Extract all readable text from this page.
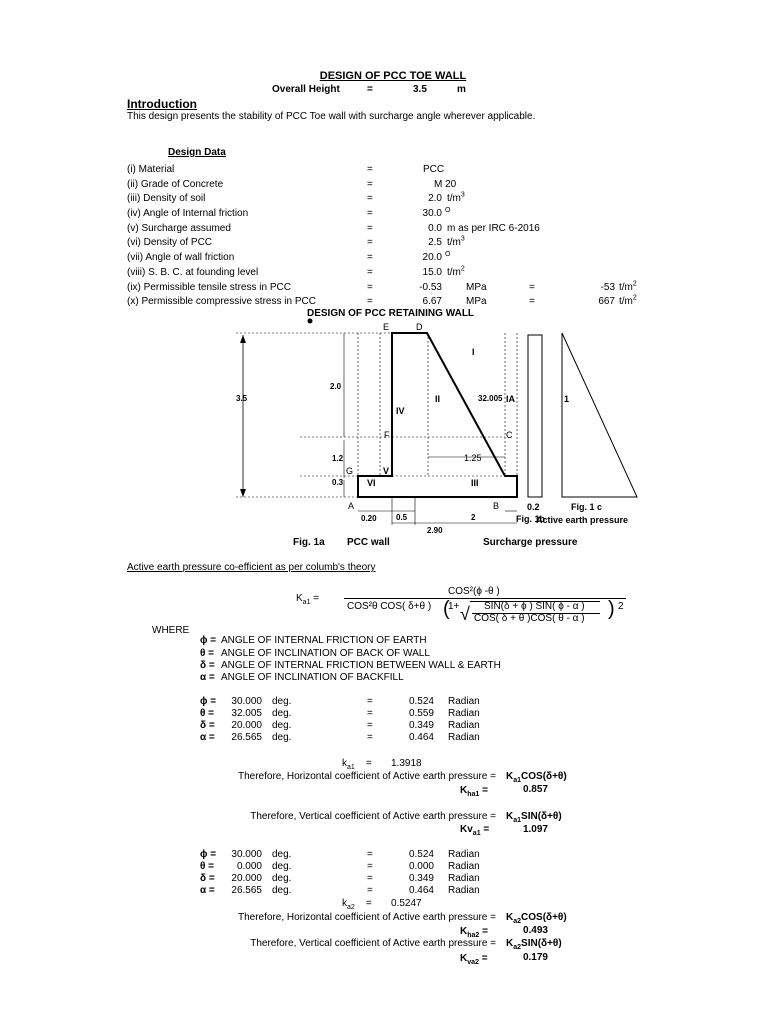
DESIGN OF PCC TOE WALL
Overall Height	=	3.5	m
Introduction
This design presents the stability of PCC Toe wall with surcharge angle wherever applicable.
Design Data
(i) Material	=	PCC
(ii) Grade of Concrete	=	M 20
(iii) Density of soil	=	2.0 $t/m^3$
(iv) Angle of Internal friction	=	30.0 O
(v) Surcharge assumed	=	0.0 m as per IRC 6-2016
(vi) Density of PCC	=	2.5 $t/m^3$
(vii) Angle of wall friction	=	20.0 O
(viii) S. B. C. at founding level	=	15.0 $t/m^2$
(ix) Permissible tensile stress in PCC	=	-0.53 MPa	=	-53 $t/m^2$
(x) Permissible compressive stress in PCC	=	6.67 MPa	=	667 $t/m^2$
DESIGN OF PCC RETAINING WALL
E	D
I
II	32.005 IA
IV
F	C
G	V
VI	III
A	B
3.5
2.0
1.2
0.3
1.25
0.20 0.5	2
2.90
0.2
1
Fig. 1 c
Fig. 1b
Active earth pressure
Fig. 1a PCC wall	Surcharge pressure
Active earth pressure co-efficient as per columb's theory
$K_{a1}$ =
COS²(ϕ -θ )
COS²θ COS( δ+θ ) (
1+ √ SIN(δ + ϕ ) SIN( ϕ - α )
COS( δ + θ )COS( θ - α ) ) 2
WHERE
ϕ = ANGLE OF INTERNAL FRICTION OF EARTH
θ = ANGLE OF INCLINATION OF BACK OF WALL
δ = ANGLE OF INTERNAL FRICTION BETWEEN WALL & EARTH
α = ANGLE OF INCLINATION OF BACKFILL
ϕ =	30.000 deg.	=	0.524 Radian
θ =	32.005 deg.	=	0.559 Radian
δ =	20.000 deg.	=	0.349 Radian
α =	26.565 deg.	=	0.464 Radian
$k_{a1} = 1.3918$
Therefore, Horizontal coefficient of Active earth pressure = $K_{a1}COS(\delta+\theta)$
$K_{ha1}$ =	0.857
Therefore, Vertical coefficient of Active earth pressure = $K_{a1}SIN(\delta+\theta)$
$Kv_{a1}$ =	1.097
ϕ =	30.000 deg.	=	0.524 Radian
θ =	0.000 deg.	=	0.000 Radian
δ =	20.000 deg.	=	0.349 Radian
α =	26.565 deg.	=	0.464 Radian
$k_{a2} = 0.5247$
Therefore, Horizontal coefficient of Active earth pressure = $K_{a2}COS(\delta+\theta)$
$K_{ha2}$ =	0.493
Therefore, Vertical coefficient of Active earth pressure = $K_{a2}SIN(\delta+\theta)$
$K_{va2}$ =	0.179
